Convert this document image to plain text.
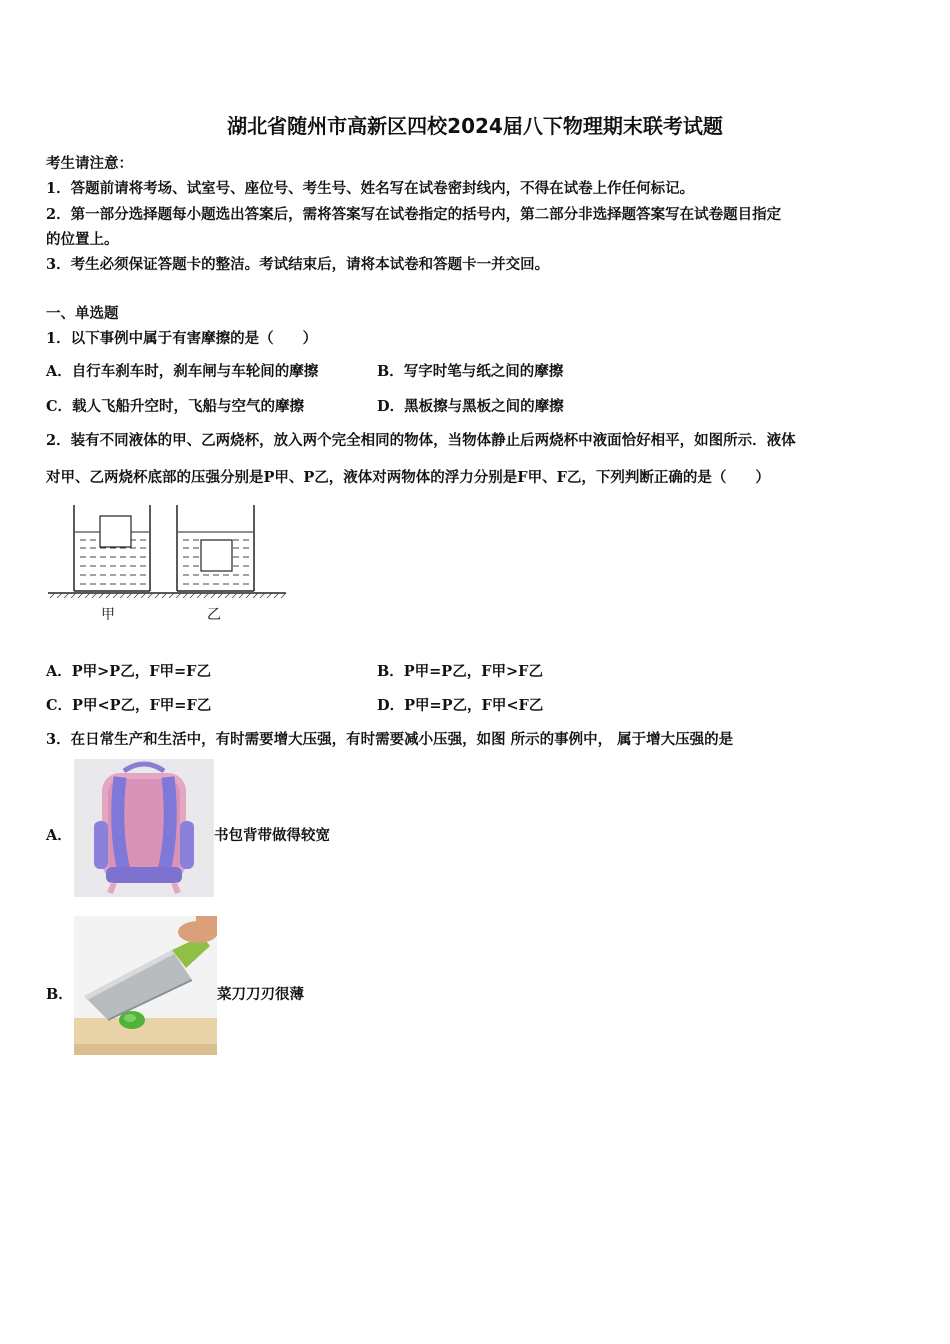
湖北省随州市高新区四校2024届八下物理期末联考试题
考生请注意：
1．答题前请将考场、试室号、座位号、考生号、姓名写在试卷密封线内，不得在试卷上作任何标记。
2．第一部分选择题每小题选出答案后，需将答案写在试卷指定的括号内，第二部分非选择题答案写在试卷题目指定
的位置上。
3．考生必须保证答题卡的整洁。考试结束后，请将本试卷和答题卡一并交回。
一、单选题
1．以下事例中属于有害摩擦的是（　　）
A．自行车刹车时，刹车闸与车轮间的摩擦	B．写字时笔与纸之间的摩擦
C．载人飞船升空时，飞船与空气的摩擦	D．黑板擦与黑板之间的摩擦
2．装有不同液体的甲、乙两烧杯，放入两个完全相同的物体，当物体静止后两烧杯中液面恰好相平，如图所示．液体
对甲、乙两烧杯底部的压强分别是P甲、P乙，液体对两物体的浮力分别是F甲、F乙，下列判断正确的是（　　）
甲	乙
A．P甲>P乙，F甲=F乙	B．P甲=P乙，F甲>F乙
C．P甲<P乙，F甲=F乙	D．P甲=P乙，F甲<F乙
3．在日常生产和生活中，有时需要增大压强，有时需要减小压强，如图 所示的事例中， 属于增大压强的是
A．	书包背带做得较宽
B．	菜刀刀刃很薄
